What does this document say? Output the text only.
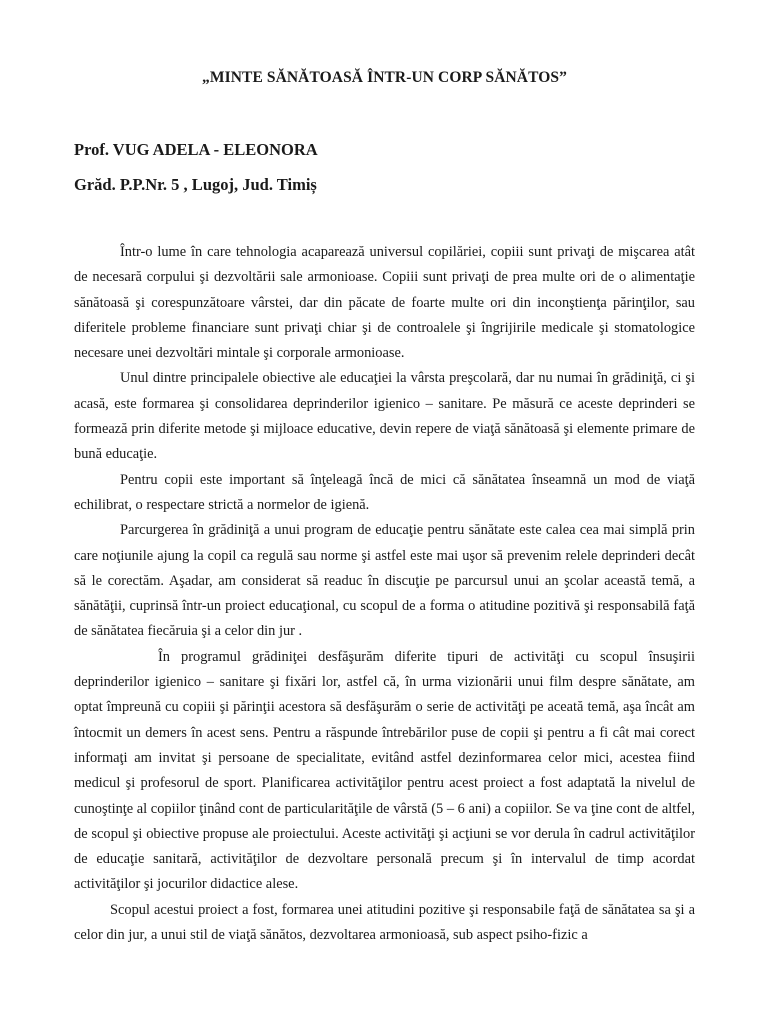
„MINTE SĂNĂTOASĂ ÎNTR-UN CORP SĂNĂTOS”
Prof. VUG ADELA - ELEONORA
Grăd. P.P.Nr. 5 , Lugoj, Jud. Timiș

Într-o lume în care tehnologia acaparează universul copilăriei, copiii sunt privaţi de mişcarea atât de necesară corpului şi dezvoltării sale armonioase. Copiii sunt privaţi de prea multe ori de o alimentaţie sănătoasă şi corespunzătoare vârstei, dar din păcate de foarte multe ori din inconştienţa părinţilor, sau diferitele probleme financiare sunt privaţi chiar şi de controalele şi îngrijirile medicale şi stomatologice necesare unei dezvoltări mintale şi corporale armonioase.

Unul dintre principalele obiective ale educaţiei la vârsta preşcolară, dar nu numai în grădiniţă, ci şi acasă, este formarea şi consolidarea deprinderilor igienico – sanitare. Pe măsură ce aceste deprinderi se formează prin diferite metode şi mijloace educative, devin repere de viaţă sănătoasă şi elemente primare de bună educaţie.

Pentru copii este important să înţeleagă încă de mici că sănătatea înseamnă un mod de viaţă echilibrat, o respectare strictă a normelor de igienă.

Parcurgerea în grădiniţă a unui program de educaţie pentru sănătate este calea cea mai simplă prin care noţiunile ajung la copil ca regulă sau norme şi astfel este mai uşor să prevenim relele deprinderi decât să le corectăm. Aşadar, am considerat să readuc în discuţie pe parcursul unui an şcolar această temă, a sănătăţii, cuprinsă într-un proiect educaţional, cu scopul de a forma o atitudine pozitivă şi responsabilă faţă de sănătatea fiecăruia şi a celor din jur .

În programul grădiniţei desfăşurăm diferite tipuri de activităţi cu scopul însuşirii deprinderilor igienico – sanitare şi fixări lor, astfel că, în urma vizionării unui film despre sănătate, am optat împreună cu copiii şi părinţii acestora să desfăşurăm o serie de activităţi pe aceată temă, aşa încât am întocmit un demers în acest sens. Pentru a răspunde întrebărilor puse de copii şi pentru a fi cât mai corect informaţi am invitat şi persoane de specialitate, evitând astfel dezinformarea celor mici, acestea fiind medicul şi profesorul de sport. Planificarea activităţilor pentru acest proiect a fost adaptată la nivelul de cunoştinţe al copiilor ţinând cont de particularităţile de vârstă (5 – 6 ani) a copiilor. Se va ţine cont de altfel, de scopul şi obiective propuse ale proiectului. Aceste activităţi şi acţiuni se vor derula în cadrul activităţilor de educaţie sanitară, activităţilor de dezvoltare personală precum şi în intervalul de timp acordat activităţilor şi jocurilor didactice alese.

Scopul acestui proiect a fost, formarea unei atitudini pozitive şi responsabile faţă de sănătatea sa şi a celor din jur, a unui stil de viaţă sănătos, dezvoltarea armonioasă, sub aspect psiho-fizic a
